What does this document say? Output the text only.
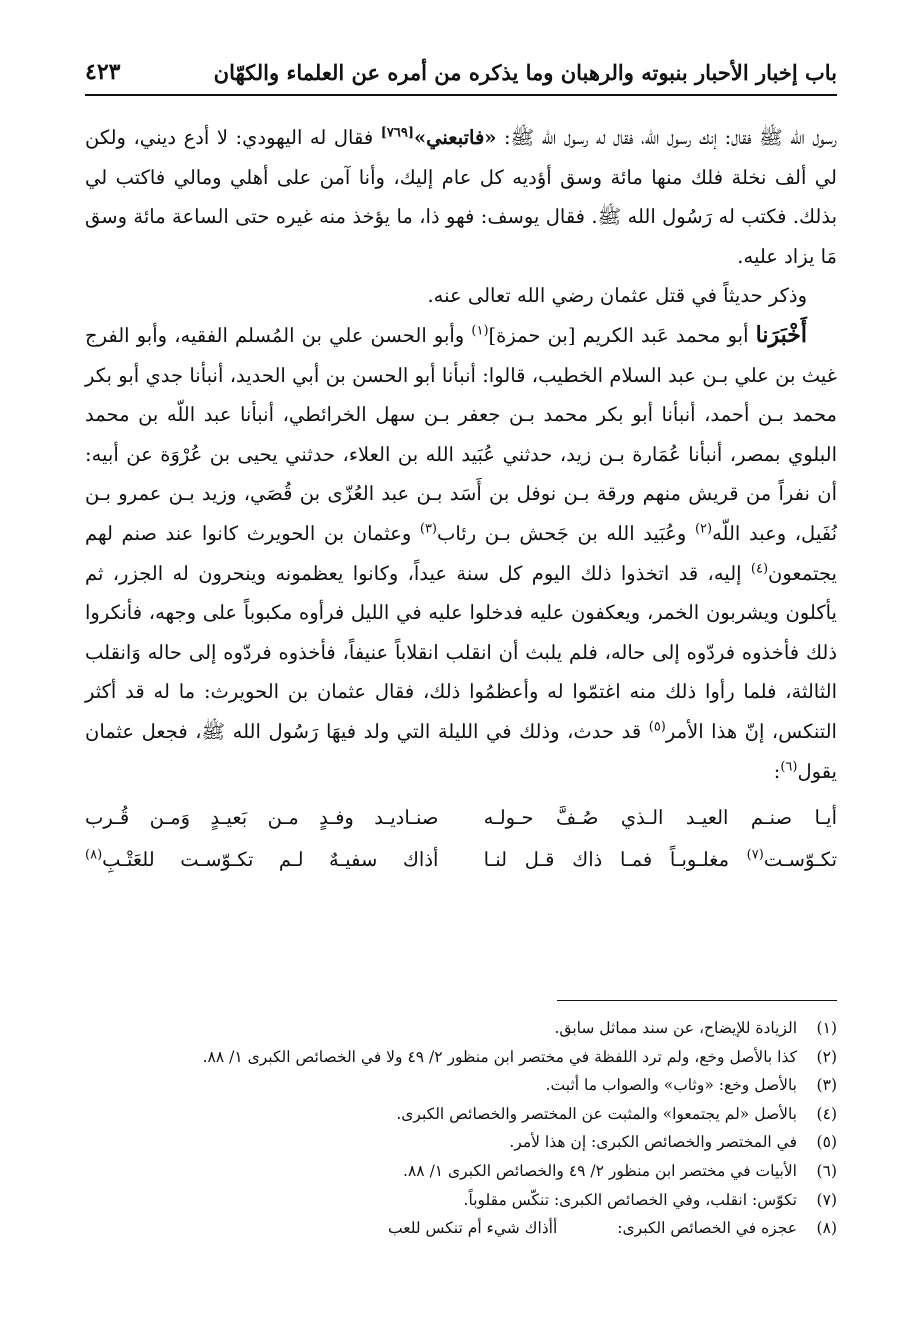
باب إخبار الأحبار بنبوته والرهبان وما يذكره من أمره عن العلماء والكهّان
٤٢٣

رسول الله ﷺ فقال: إنك رسول الله، فقال له رسول الله ﷺ: «فاتبعني»[٧٦٩] فقال له اليهودي: لا أدع ديني، ولكن لي ألف نخلة فلك منها مائة وسق أؤديه كل عام إليك، وأنا آمن على أهلي ومالي فاكتب لي بذلك. فكتب له رَسُول الله ﷺ. فقال يوسف: فهو ذا، ما يؤخذ منه غيره حتى الساعة مائة وسق مَا يزاد عليه.

وذكر حديثاً في قتل عثمان رضي الله تعالى عنه.

أَخْبَرَنا أبو محمد عَبد الكريم [بن حمزة]$^{(١)}$ وأبو الحسن علي بن المُسلم الفقيه، وأبو الفرج غيث بن علي بـن عبد السلام الخطيب، قالوا: أنبأنا أبو الحسن بن أبي الحديد، أنبأنا جدي أبو بكر محمد بـن أحمد، أنبأنا أبو بكر محمد بـن جعفر بـن سهل الخرائطي، أنبأنا عبد اللّه بن محمد البلوي بمصر، أنبأنا عُمَارة بـن زيد، حدثني عُبَيد الله بن العلاء، حدثني يحيى بن عُرْوَة عن أبيه: أن نفراً من قريش منهم ورقة بـن نوفل بن أَسَد بـن عبد العُزّى بن قُصَي، وزيد بـن عمرو بـن نُفَيل، وعبد اللّه$^{(٢)}$ وعُبَيد الله بن جَحش بـن رئاب$^{(٣)}$ وعثمان بن الحويرث كانوا عند صنم لهم يجتمعون$^{(٤)}$ إليه، قد اتخذوا ذلك اليوم كل سنة عيداً، وكانوا يعظمونه وينحرون له الجزر، ثم يأكلون ويشربون الخمر، ويعكفون عليه فدخلوا عليه في الليل فرأوه مكبوباً على وجهه، فأنكروا ذلك فأخذوه فردّوه إلى حاله، فلم يلبث أن انقلب انقلاباً عنيفاً، فأخذوه فردّوه إلى حاله وَانقلب الثالثة، فلما رأوا ذلك منه اغتمّوا له وأعظمُوا ذلك، فقال عثمان بن الحويرث: ما له قد أكثر التنكس، إنّ هذا الأمر$^{(٥)}$ قد حدث، وذلك في الليلة التي ولد فيهَا رَسُول الله ﷺ، فجعل عثمان يقول$^{(٦)}$:

أيـا صنـم العيـد الـذي صُـفَّ حـولـه
صنـاديـد وفـدٍ مـن بَعيـدٍ وَمـن قُـرب
تكـوّسـت$^{(٧)}$ مغلـوبـاً فمـا ذاك قـل لنـا
أذاك سفيـهٌ لـم تكـوّسـت للعَتْـبِ$^{(٨)}$
(١)
الزيادة للإيضاح، عن سند مماثل سابق.
(٢)
كذا بالأصل وخ‍ع، ولم ترد اللفظة في مختصر ابن منظور ٢/ ٤٩ ولا في الخصائص الكبرى ١/ ٨٨.
(٣)
بالأصل وخ‍ع: «وثاب» والصواب ما أثبت.
(٤)
بالأصل «لم يجتمعوا» والمثبت عن المختصر والخصائص الكبرى.
(٥)
في المختصر والخصائص الكبرى: إن هذا لأمر.
(٦)
الأبيات في مختصر ابن منظور ٢/ ٤٩ والخصائص الكبرى ١/ ٨٨.
(٧)
تكوّس: انقلب، وفي الخصائص الكبرى: تنكّس مقلوباً.
(٨)
عجزه في الخصائص الكبرى:أأذاك شيء أم تنكس للعب
